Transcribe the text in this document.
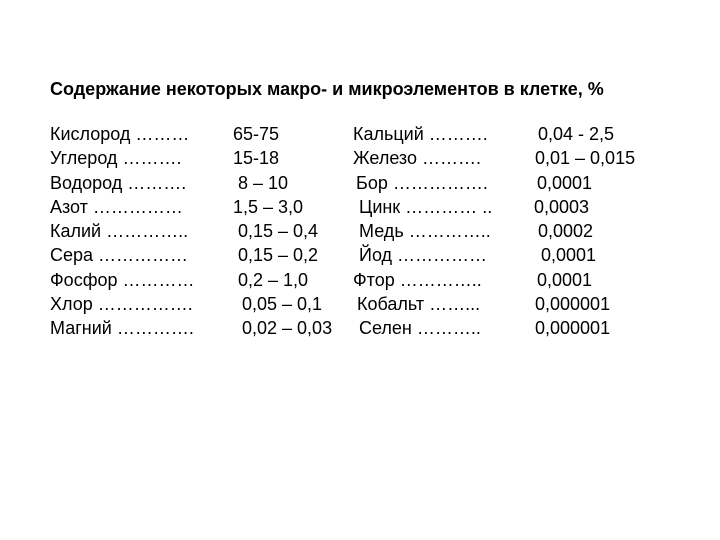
Содержание некоторых макро- и микроэлементов в клетке, %
Кислород ……… 65-75	Кальций ……….	0,04 - 2,5
Углерод ……….	15-18	Железо ……….	0,01 – 0,015
Водород ……….	8 – 10	Бор …………….	0,0001
Азот ……………	1,5 – 3,0	Цинк ………… .. 0,0003
Калий …………..	0,15 – 0,4 Медь …………..	0,0002
Сера ……………	0,15 – 0,2 Йод ……………	0,0001
Фосфор ………… 0,2 – 1,0 Фтор …………..	0,0001
Хлор …………….	0,05 – 0,1 Кобальт ……...	0,000001
Магний ………….	0,02 – 0,03 Селен ………..	0,000001
